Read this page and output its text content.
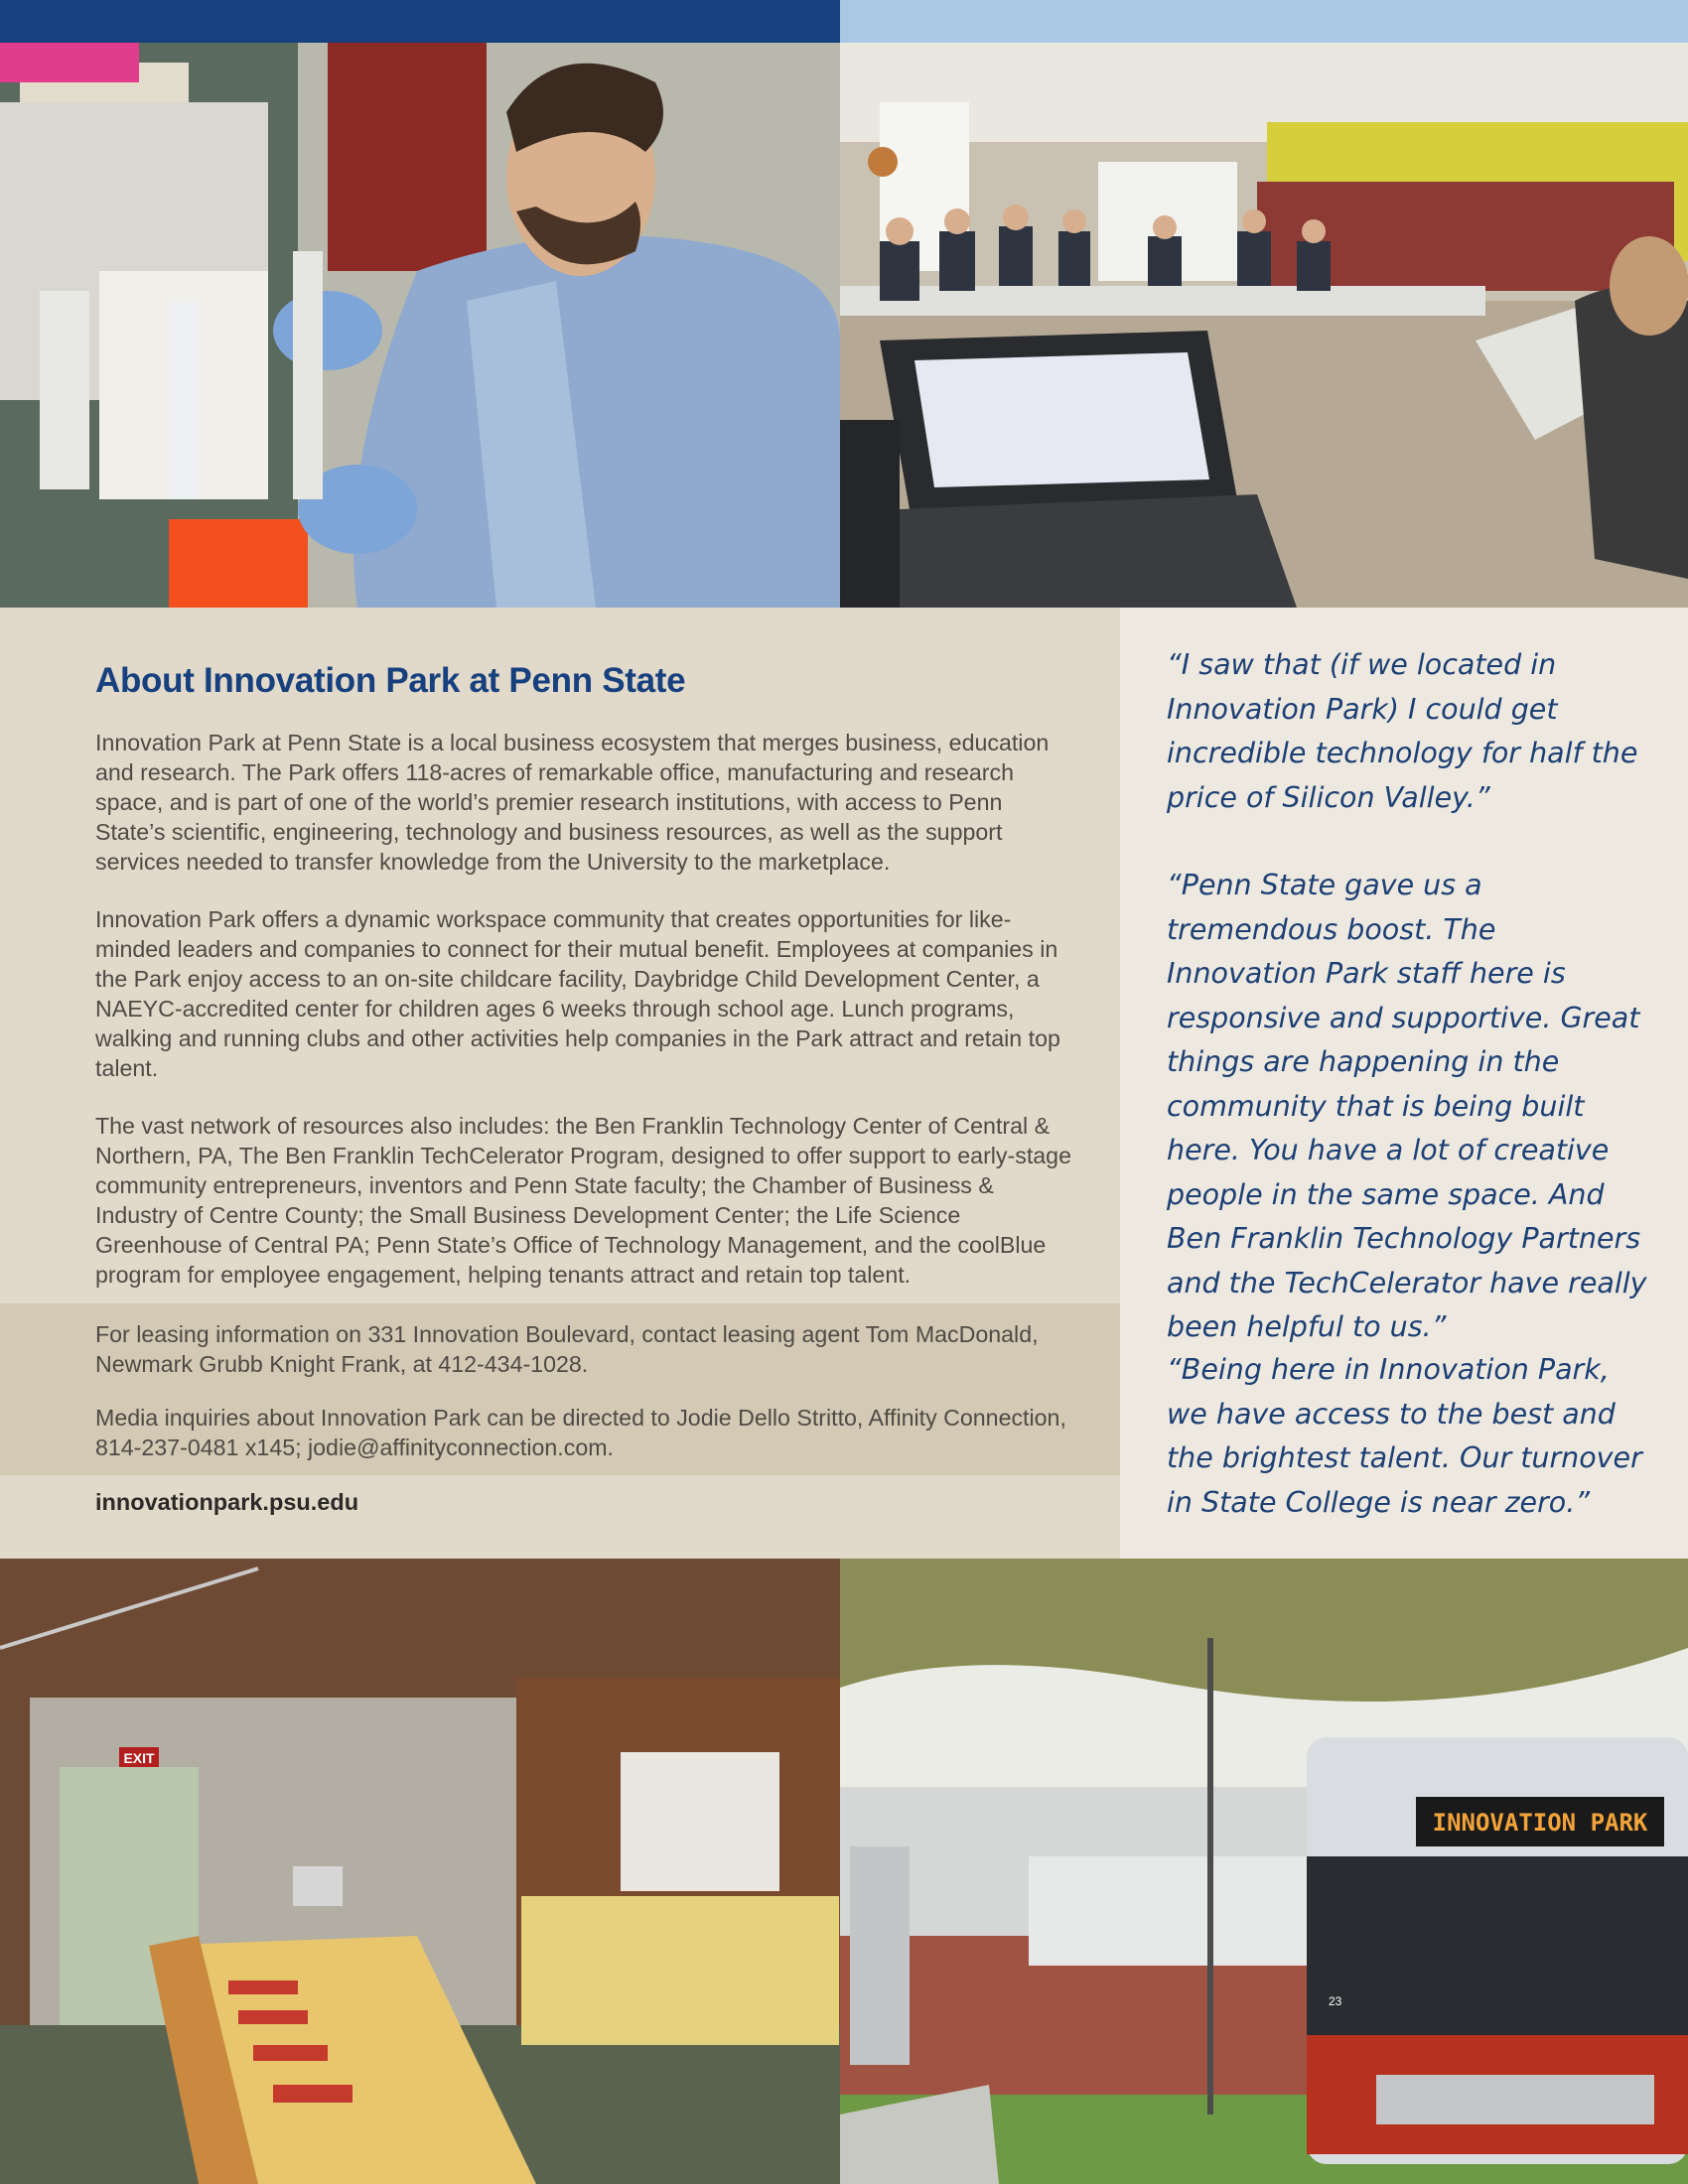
About Innovation Park at Penn State

Innovation Park at Penn State is a local business ecosystem that merges business, education and research. The Park offers 118-acres of remarkable office, manufacturing and research space, and is part of one of the world’s premier research institutions, with access to Penn State’s scientific, engineering, technology and business resources, as well as the support services needed to transfer knowledge from the University to the marketplace.

Innovation Park offers a dynamic workspace community that creates opportunities for like-minded leaders and companies to connect for their mutual benefit. Employees at companies in the Park enjoy access to an on-site childcare facility, Daybridge Child Development Center, a NAEYC-accredited center for children ages 6 weeks through school age. Lunch programs, walking and running clubs and other activities help companies in the Park attract and retain top talent.

The vast network of resources also includes: the Ben Franklin Technology Center of Central & Northern, PA, The Ben Franklin TechCelerator Program, designed to offer support to early-stage community entrepreneurs, inventors and Penn State faculty; the Chamber of Business & Industry of Centre County; the Small Business Development Center; the Life Science Greenhouse of Central PA; Penn State’s Office of Technology Management, and the coolBlue program for employee engagement, helping tenants attract and retain top talent.

For leasing information on 331 Innovation Boulevard, contact leasing agent Tom MacDonald, Newmark Grubb Knight Frank, at 412-434-1028.

Media inquiries about Innovation Park can be directed to Jodie Dello Stritto, Affinity Connection, 814-237-0481 x145; jodie@affinityconnection.com.

innovationpark.psu.edu

“I saw that (if we located in Innovation Park) I could get incredible technology for half the price of Silicon Valley.”

“Penn State gave us a tremendous boost. The Innovation Park staff here is responsive and supportive. Great things are happening in the community that is being built here. You have a lot of creative people in the same space. And Ben Franklin Technology Partners and the TechCelerator have really been helpful to us.”

“Being here in Innovation Park, we have access to the best and the brightest talent. Our turnover in State College is near zero.”

EXIT
INNOVATION PARK
23
